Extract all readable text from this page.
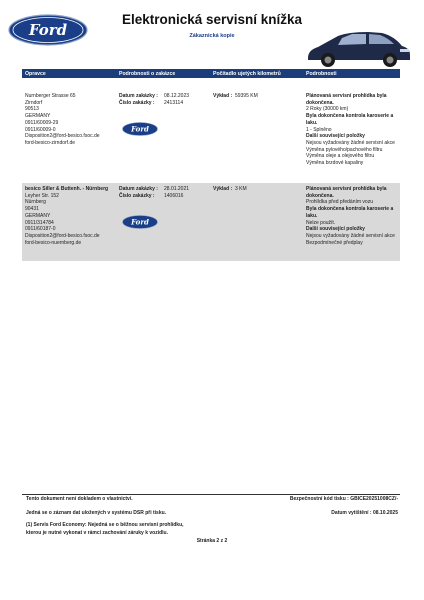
Ford
Elektronická servisní knížka
Zákaznická kopie
Opravce	Podrobnosti o zakázce	Počitadlo ujetých kilometrů	Podrobnosti
Nurnberger Strasse 65
Zirndorf
90513
GERMANY
0911/60009-29
0911/60009-0
Disposition2@ford-besico.fsoc.de
ford-besico-zirndorf.de
Datum zakázky : 08.12.2023
Číslo zakázky : 2413114
Ford
Výkład : 59395 KM	Plánovaná servisní prohlídka byla dokončena.
2 Roky (30000 km)
Byla dokončena kontrola karoserie a laku.
1 - Splněno
Další související položky
Nejsou vyžadovány žádné servisní akce
Výměna pylového/pachového filtru
Výměna oleje a olejového filtru
Výměna brzdové kapaliny
besico Siller & Buttenh. - Nürnberg
Leyher Str. 152
Nürnberg
90431
GERMANY
0911/314784
0911/60187-0
Disposition2@ford-besico.fsoc.de
ford-besico-nuernberg.de
Datum zakázky : 28.01.2021
Číslo zakázky : 1406016
Ford
Výklad : 3 KM	Plánovaná servisní prohlídka byla dokončena.
Prohlídka před předáním vozu
Byla dokončena kontrola karoserie a laku.
Nelze použít.
Další související položky
Nejsou vyžadovány žádné servisní akce
Bezpodmínečné předplay
Tento dokument není dokladem o vlastnictví.	Bezpečnostní kód tisku : GBICE20251008CZ/-
Jedná se o záznam dat uložených v systému DSR při tisku.	Datum vytištění : 08.10.2025
(1) Servis Ford Economy: Nejedná se o běžnou servisní prohlídku,
kterou je nutné vykonat v rámci zachování záruky k vozidlu.
Stránka 2 z 2
